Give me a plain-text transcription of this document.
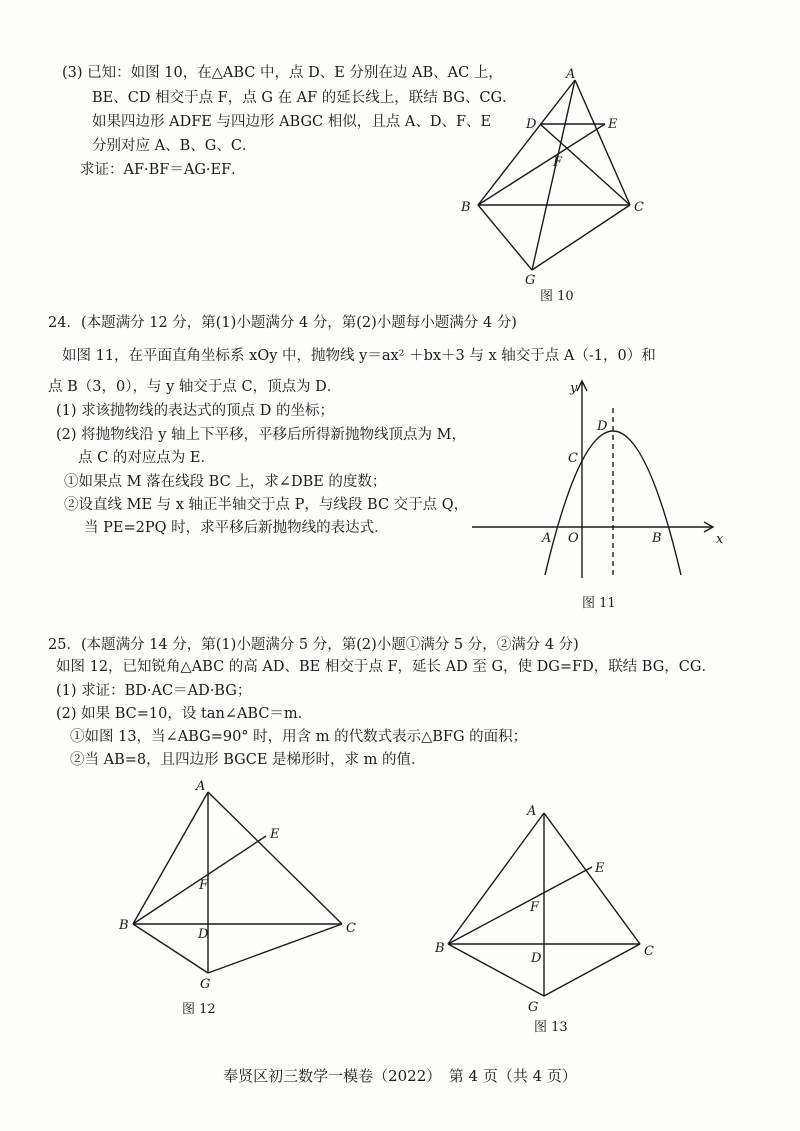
(3) 已知：如图 10，在△ABC 中，点 D、E 分别在边 AB、AC 上，
BE、CD 相交于点 F，点 G 在 AF 的延长线上，联结 BG、CG．
如果四边形 ADFE 与四边形 ABGC 相似，且点 A、D、F、E
分别对应 A、B、G、C．
求证：AF·BF＝AG·EF．
A
D	E
F
B	C
G
图 10
24．(本题满分 12 分，第(1)小题满分 4 分，第(2)小题每小题满分 4 分)
如图 11，在平面直角坐标系 xOy 中，抛物线 y＝ax² ＋bx＋3 与 x 轴交于点 A（-1，0）和
点 B（3，0），与 y 轴交于点 C，顶点为 D．
(1) 求该抛物线的表达式的顶点 D 的坐标；
(2) 将抛物线沿 y 轴上下平移，平移后所得新抛物线顶点为 M，
点 C 的对应点为 E．
①如果点 M 落在线段 BC 上，求∠DBE 的度数；
②设直线 ME 与 x 轴正半轴交于点 P，与线段 BC 交于点 Q，
当 PE=2PQ 时，求平移后新抛物线的表达式．
y
x
O
A	B
C
D
图 11
25．(本题满分 14 分，第(1)小题满分 5 分，第(2)小题①满分 5 分，②满分 4 分)
如图 12，已知锐角△ABC 的高 AD、BE 相交于点 F，延长 AD 至 G，使 DG=FD，联结 BG，CG．
(1) 求证：BD·AC＝AD·BG；
(2) 如果 BC=10，设 tan∠ABC＝m．
①如图 13，当∠ABG=90° 时，用含 m 的代数式表示△BFG 的面积；
②当 AB=8，且四边形 BGCE 是梯形时，求 m 的值．
A
E
F
B
D	C
G
图 12
A
E
F
B
D	C
G
图 13
奉贤区初三数学一模卷（2022）　第 4 页（共 4 页）
